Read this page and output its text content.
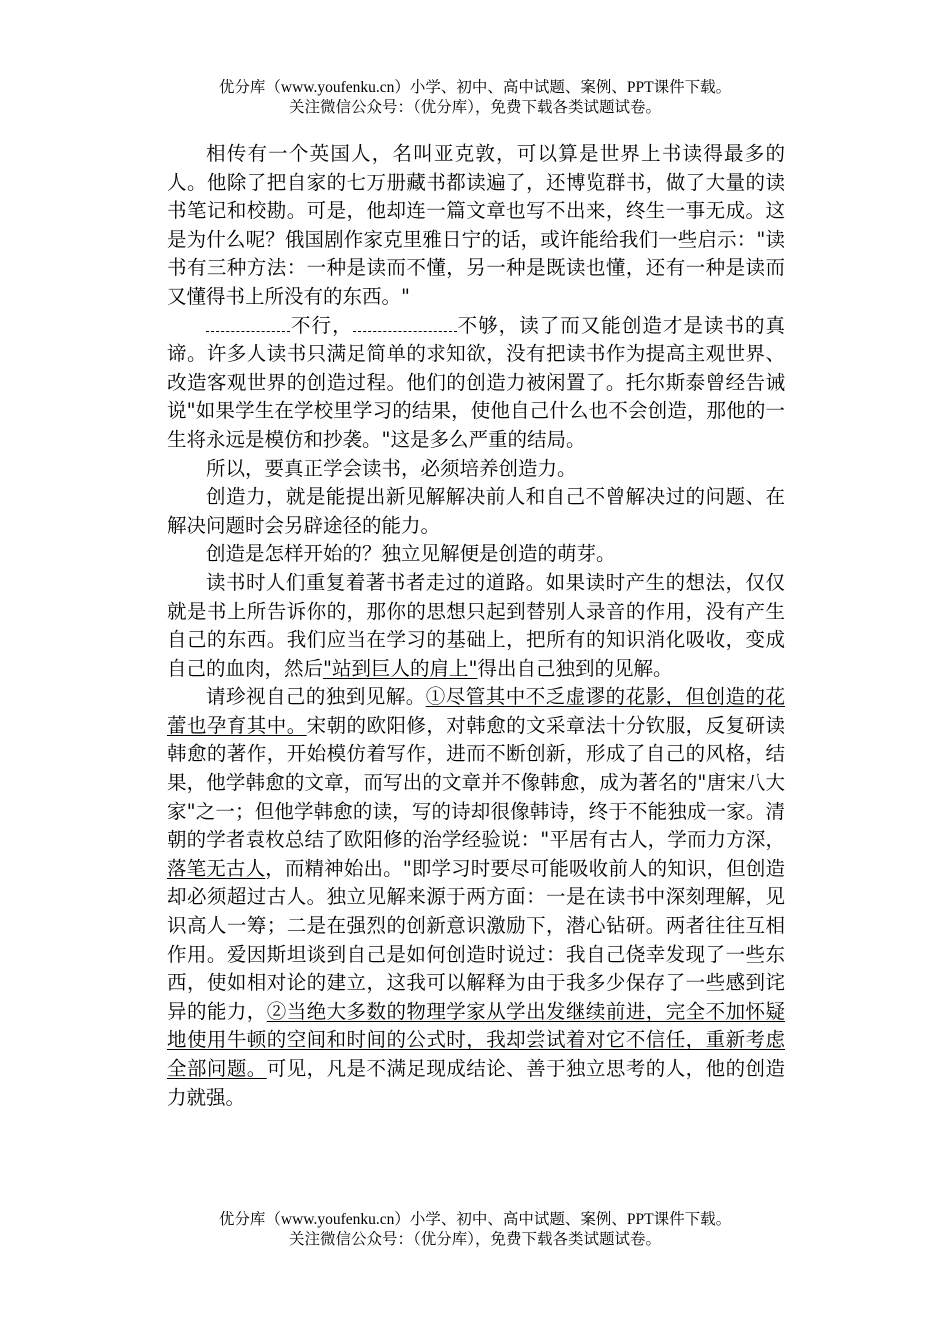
优分库（www.youfenku.cn）小学、初中、高中试题、案例、PPT课件下载。
关注微信公众号：（优分库），免费下载各类试题试卷。

相传有一个英国人，名叫亚克敦，可以算是世界上书读得最多的人。他除了把自家的七万册藏书都读遍了，还博览群书，做了大量的读书笔记和校勘。可是，他却连一篇文章也写不出来，终生一事无成。这是为什么呢？俄国剧作家克里雅日宁的话，或许能给我们一些启示："读书有三种方法：一种是读而不懂，另一种是既读也懂，还有一种是读而又懂得书上所没有的东西。"

不行，	不够，读了而又能创造才是读书的真谛。许多人读书只满足简单的求知欲，没有把读书作为提高主观世界、改造客观世界的创造过程。他们的创造力被闲置了。托尔斯泰曾经告诫说"如果学生在学校里学习的结果，使他自己什么也不会创造，那他的一生将永远是模仿和抄袭。"这是多么严重的结局。

所以，要真正学会读书，必须培养创造力。

创造力，就是能提出新见解解决前人和自己不曾解决过的问题、在解决问题时会另辟途径的能力。

创造是怎样开始的？独立见解便是创造的萌芽。

读书时人们重复着著书者走过的道路。如果读时产生的想法，仅仅就是书上所告诉你的，那你的思想只起到替别人录音的作用，没有产生自己的东西。我们应当在学习的基础上，把所有的知识消化吸收，变成自己的血肉，然后"站到巨人的肩上"得出自己独到的见解。

请珍视自己的独到见解。①尽管其中不乏虚谬的花影，但创造的花蕾也孕育其中。宋朝的欧阳修，对韩愈的文采章法十分钦服，反复研读韩愈的著作，开始模仿着写作，进而不断创新，形成了自己的风格，结果，他学韩愈的文章，而写出的文章并不像韩愈，成为著名的"唐宋八大家"之一；但他学韩愈的读，写的诗却很像韩诗，终于不能独成一家。清朝的学者袁枚总结了欧阳修的治学经验说："平居有古人，学而力方深，落笔无古人，而精神始出。"即学习时要尽可能吸收前人的知识，但创造却必须超过古人。独立见解来源于两方面：一是在读书中深刻理解，见识高人一筹；二是在强烈的创新意识激励下，潜心钻研。两者往往互相作用。爱因斯坦谈到自己是如何创造时说过：我自己侥幸发现了一些东西，使如相对论的建立，这我可以解释为由于我多少保存了一些感到诧异的能力，②当绝大多数的物理学家从学出发继续前进，完全不加怀疑地使用牛顿的空间和时间的公式时，我却尝试着对它不信任，重新考虑全部问题。可见，凡是不满足现成结论、善于独立思考的人，他的创造力就强。

优分库（www.youfenku.cn）小学、初中、高中试题、案例、PPT课件下载。
关注微信公众号：（优分库），免费下载各类试题试卷。
